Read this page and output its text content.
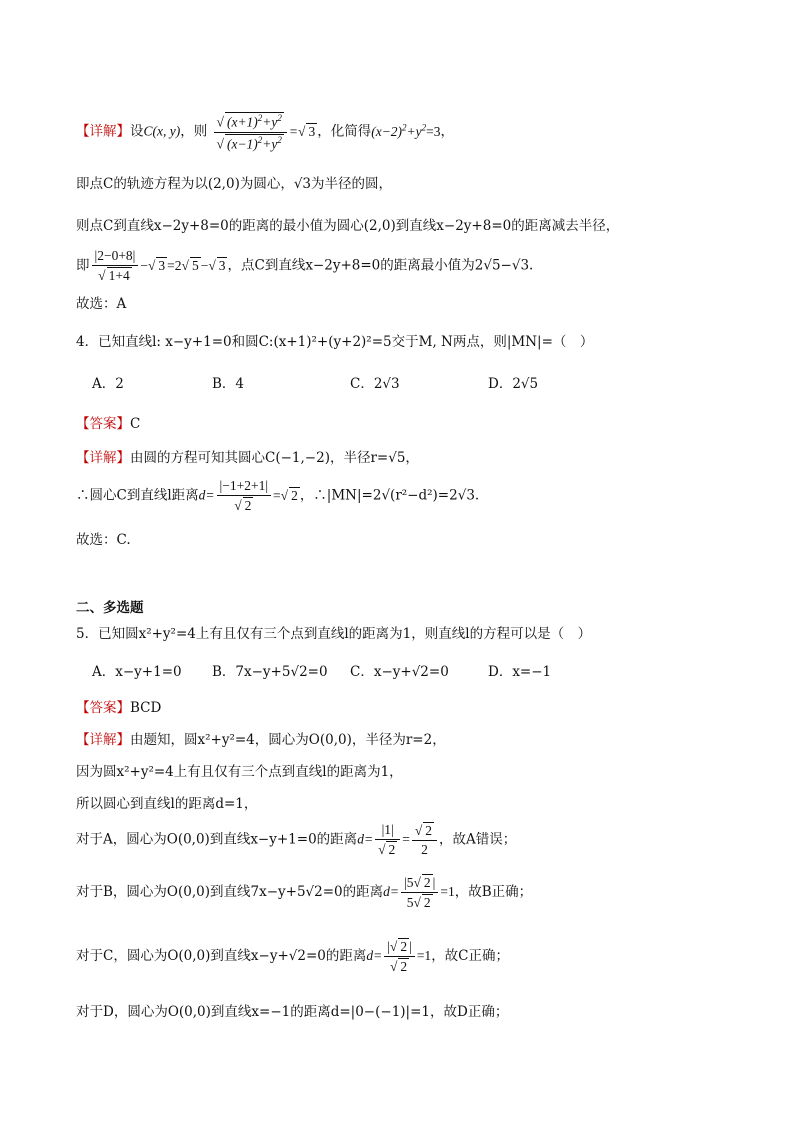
【详解】设C(x, y)，则 $\frac{√ (x+1)^2+y^2}{√ (x-1)^2+y^2}$ =√ 3 ，化简得$(x-2)^2+y^2=3$，
即点C的轨迹方程为以(2,0)为圆心，√3为半径的圆，
则点C到直线x−2y+8=0的距离的最小值为圆心(2,0)到直线x−2y+8=0的距离减去半径，
即 $\frac{|2-0+8|}{√ 1+4}$ −√ 3 =2√ 5 −√ 3 ，点C到直线x−2y+8=0的距离最小值为2√5−√3.
故选：A
4．已知直线l: x−y+1=0和圆C:(x+1)²+(y+2)²=5交于M, N两点，则|MN|=（　）
A．2	B．4	C．2√3	D．2√5
【答案】C
【详解】由圆的方程可知其圆心C(−1,−2)，半径r=√5，
∴圆心C到直线l距离$d= \frac{|-1+2+1|}{√ 2}$ =√ 2 ，∴|MN|=2√(r²−d²)=2√3.
故选：C.
二、多选题
5．已知圆x²+y²=4上有且仅有三个点到直线l的距离为1，则直线l的方程可以是（　）
A．x−y+1=0 B．7x−y+5√2=0 C．x−y+√2=0	D．x=−1
【答案】BCD
【详解】由题知，圆x²+y²=4，圆心为O(0,0)，半径为r=2，
因为圆x²+y²=4上有且仅有三个点到直线l的距离为1，
所以圆心到直线l的距离d=1，
对于A，圆心为O(0,0)到直线x−y+1=0的距离$d= \frac{|1|}{√ 2} = \frac{√ 2}{2}$ ，故A错误；
对于B，圆心为O(0,0)到直线7x−y+5√2=0的距离$d= \frac{|5√ 2 |}{5√ 2} =1$，故B正确；
对于C，圆心为O(0,0)到直线x−y+√2=0的距离$d= \frac{|√ 2 |}{√ 2} =1$，故C正确；
对于D，圆心为O(0,0)到直线x=−1的距离d=|0−(−1)|=1，故D正确；
